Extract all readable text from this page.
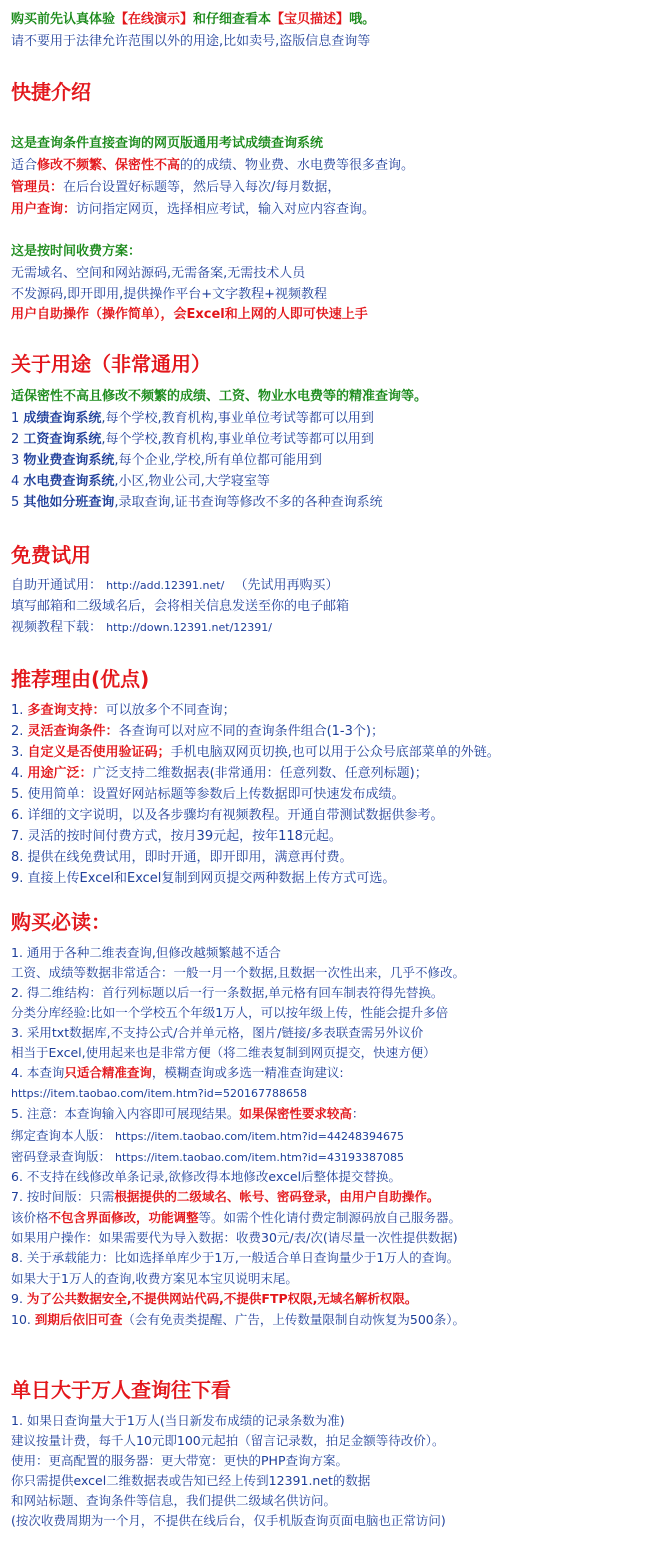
购买前先认真体验【在线演示】和仔细查看本【宝贝描述】哦。
请不要用于法律允许范围以外的用途,比如卖号,盗版信息查询等
快捷介绍
这是查询条件直接查询的网页版通用考试成绩查询系统
适合修改不频繁、保密性不高的的成绩、物业费、水电费等很多查询。
管理员：在后台设置好标题等，然后导入每次/每月数据，
用户查询：访问指定网页，选择相应考试，输入对应内容查询。
这是按时间收费方案：
无需域名、空间和网站源码,无需备案,无需技术人员
不发源码,即开即用,提供操作平台+文字教程+视频教程
用户自助操作（操作简单），会Excel和上网的人即可快速上手
关于用途（非常通用）
适保密性不高且修改不频繁的成绩、工资、物业水电费等的精准查询等。
1 成绩查询系统,每个学校,教育机构,事业单位考试等都可以用到
2 工资查询系统,每个学校,教育机构,事业单位考试等都可以用到
3 物业费查询系统,每个企业,学校,所有单位都可能用到
4 水电费查询系统,小区,物业公司,大学寝室等
5 其他如分班查询,录取查询,证书查询等修改不多的各种查询系统
免费试用
自助开通试用： http://add.12391.net/ （先试用再购买）
填写邮箱和二级域名后，会将相关信息发送至你的电子邮箱
视频教程下载： http://down.12391.net/12391/
推荐理由(优点)
1. 多查询支持：可以放多个不同查询；
2. 灵活查询条件：各查询可以对应不同的查询条件组合(1-3个)；
3. 自定义是否使用验证码；手机电脑双网页切换,也可以用于公众号底部菜单的外链。
4. 用途广泛：广泛支持二维数据表(非常通用：任意列数、任意列标题)；
5. 使用简单：设置好网站标题等参数后上传数据即可快速发布成绩。
6. 详细的文字说明，以及各步骤均有视频教程。开通自带测试数据供参考。
7. 灵活的按时间付费方式，按月39元起，按年118元起。
8. 提供在线免费试用，即时开通，即开即用，满意再付费。
9. 直接上传Excel和Excel复制到网页提交两种数据上传方式可选。
购买必读：
1. 通用于各种二维表查询,但修改越频繁越不适合
工资、成绩等数据非常适合：一般一月一个数据,且数据一次性出来，几乎不修改。
2. 得二维结构：首行列标题以后一行一条数据,单元格有回车制表符得先替换。
分类分库经验:比如一个学校五个年级1万人，可以按年级上传，性能会提升多倍
3. 采用txt数据库,不支持公式/合并单元格，图片/链接/多表联查需另外议价
相当于Excel,使用起来也是非常方便（将二维表复制到网页提交，快速方便）
4. 本查询只适合精准查询，模糊查询或多选一精准查询建议:
https://item.taobao.com/item.htm?id=520167788658
5. 注意：本查询输入内容即可展现结果。如果保密性要求较高：
绑定查询本人版： https://item.taobao.com/item.htm?id=44248394675
密码登录查询版： https://item.taobao.com/item.htm?id=43193387085
6. 不支持在线修改单条记录,欲修改得本地修改excel后整体提交替换。
7. 按时间版：只需根据提供的二级域名、帐号、密码登录，由用户自助操作。
该价格不包含界面修改，功能调整等。如需个性化请付费定制源码放自己服务器。
如果用户操作：如果需要代为导入数据：收费30元/表/次(请尽量一次性提供数据)
8. 关于承载能力：比如选择单库少于1万,一般适合单日查询量少于1万人的查询。
如果大于1万人的查询,收费方案见本宝贝说明末尾。
9. 为了公共数据安全,不提供网站代码,不提供FTP权限,无域名解析权限。
10. 到期后依旧可查（会有免责类提醒、广告，上传数量限制自动恢复为500条）。
单日大于万人查询往下看
1. 如果日查询量大于1万人(当日新发布成绩的记录条数为准)
建议按量计费，每千人10元即100元起拍（留言记录数，拍足金额等待改价）。
使用：更高配置的服务器：更大带宽：更快的PHP查询方案。
你只需提供excel二维数据表或告知已经上传到12391.net的数据
和网站标题、查询条件等信息，我们提供二级域名供访问。
(按次收费周期为一个月，不提供在线后台，仅手机版查询页面电脑也正常访问)
